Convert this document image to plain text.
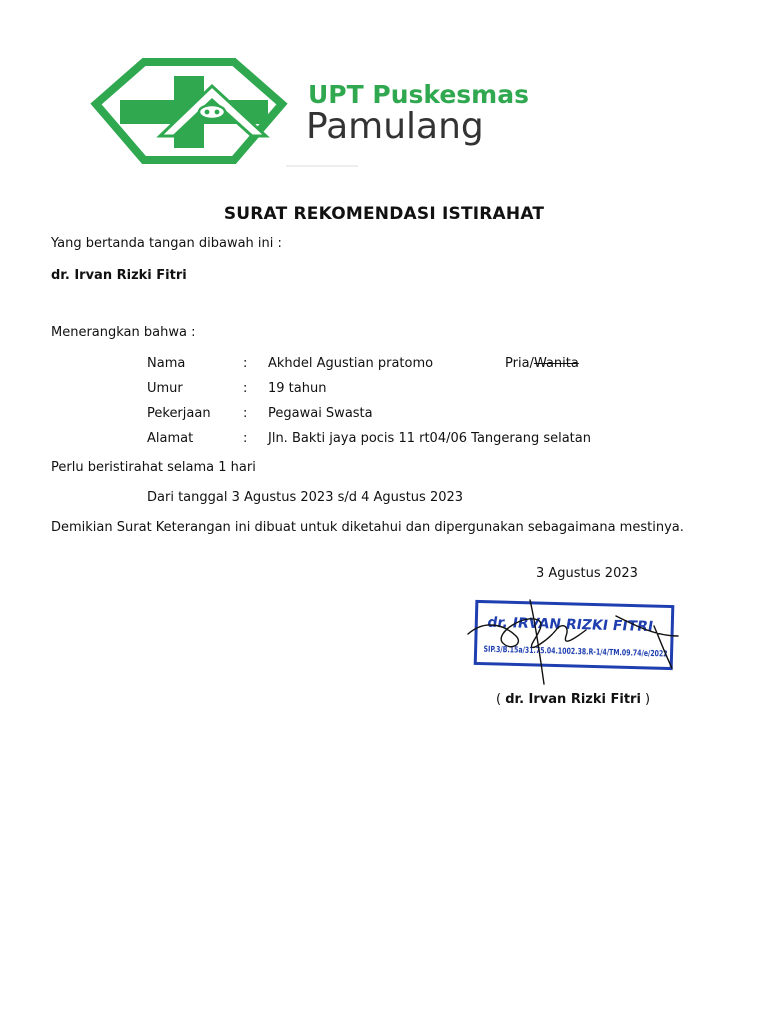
UPT Puskesmas
Pamulang
SURAT REKOMENDASI ISTIRAHAT
Yang bertanda tangan dibawah ini :
dr. Irvan Rizki Fitri
Menerangkan bahwa :
Nama	: Akhdel Agustian pratomo	Pria/Wanita
Umur	: 19 tahun
Pekerjaan : Pegawai Swasta
Alamat	: Jln. Bakti jaya pocis 11 rt04/06 Tangerang selatan
Perlu beristirahat selama 1 hari
Dari tanggal 3 Agustus 2023 s/d 4 Agustus 2023
Demikian Surat Keterangan ini dibuat untuk diketahui dan dipergunakan sebagaimana mestinya.
3 Agustus 2023
dr. IRVAN RIZKI FITRI
SIP.3/B.15a/31.75.04.1002.38.R-1/4/TM.09.74/e/2022
( dr. Irvan Rizki Fitri )
